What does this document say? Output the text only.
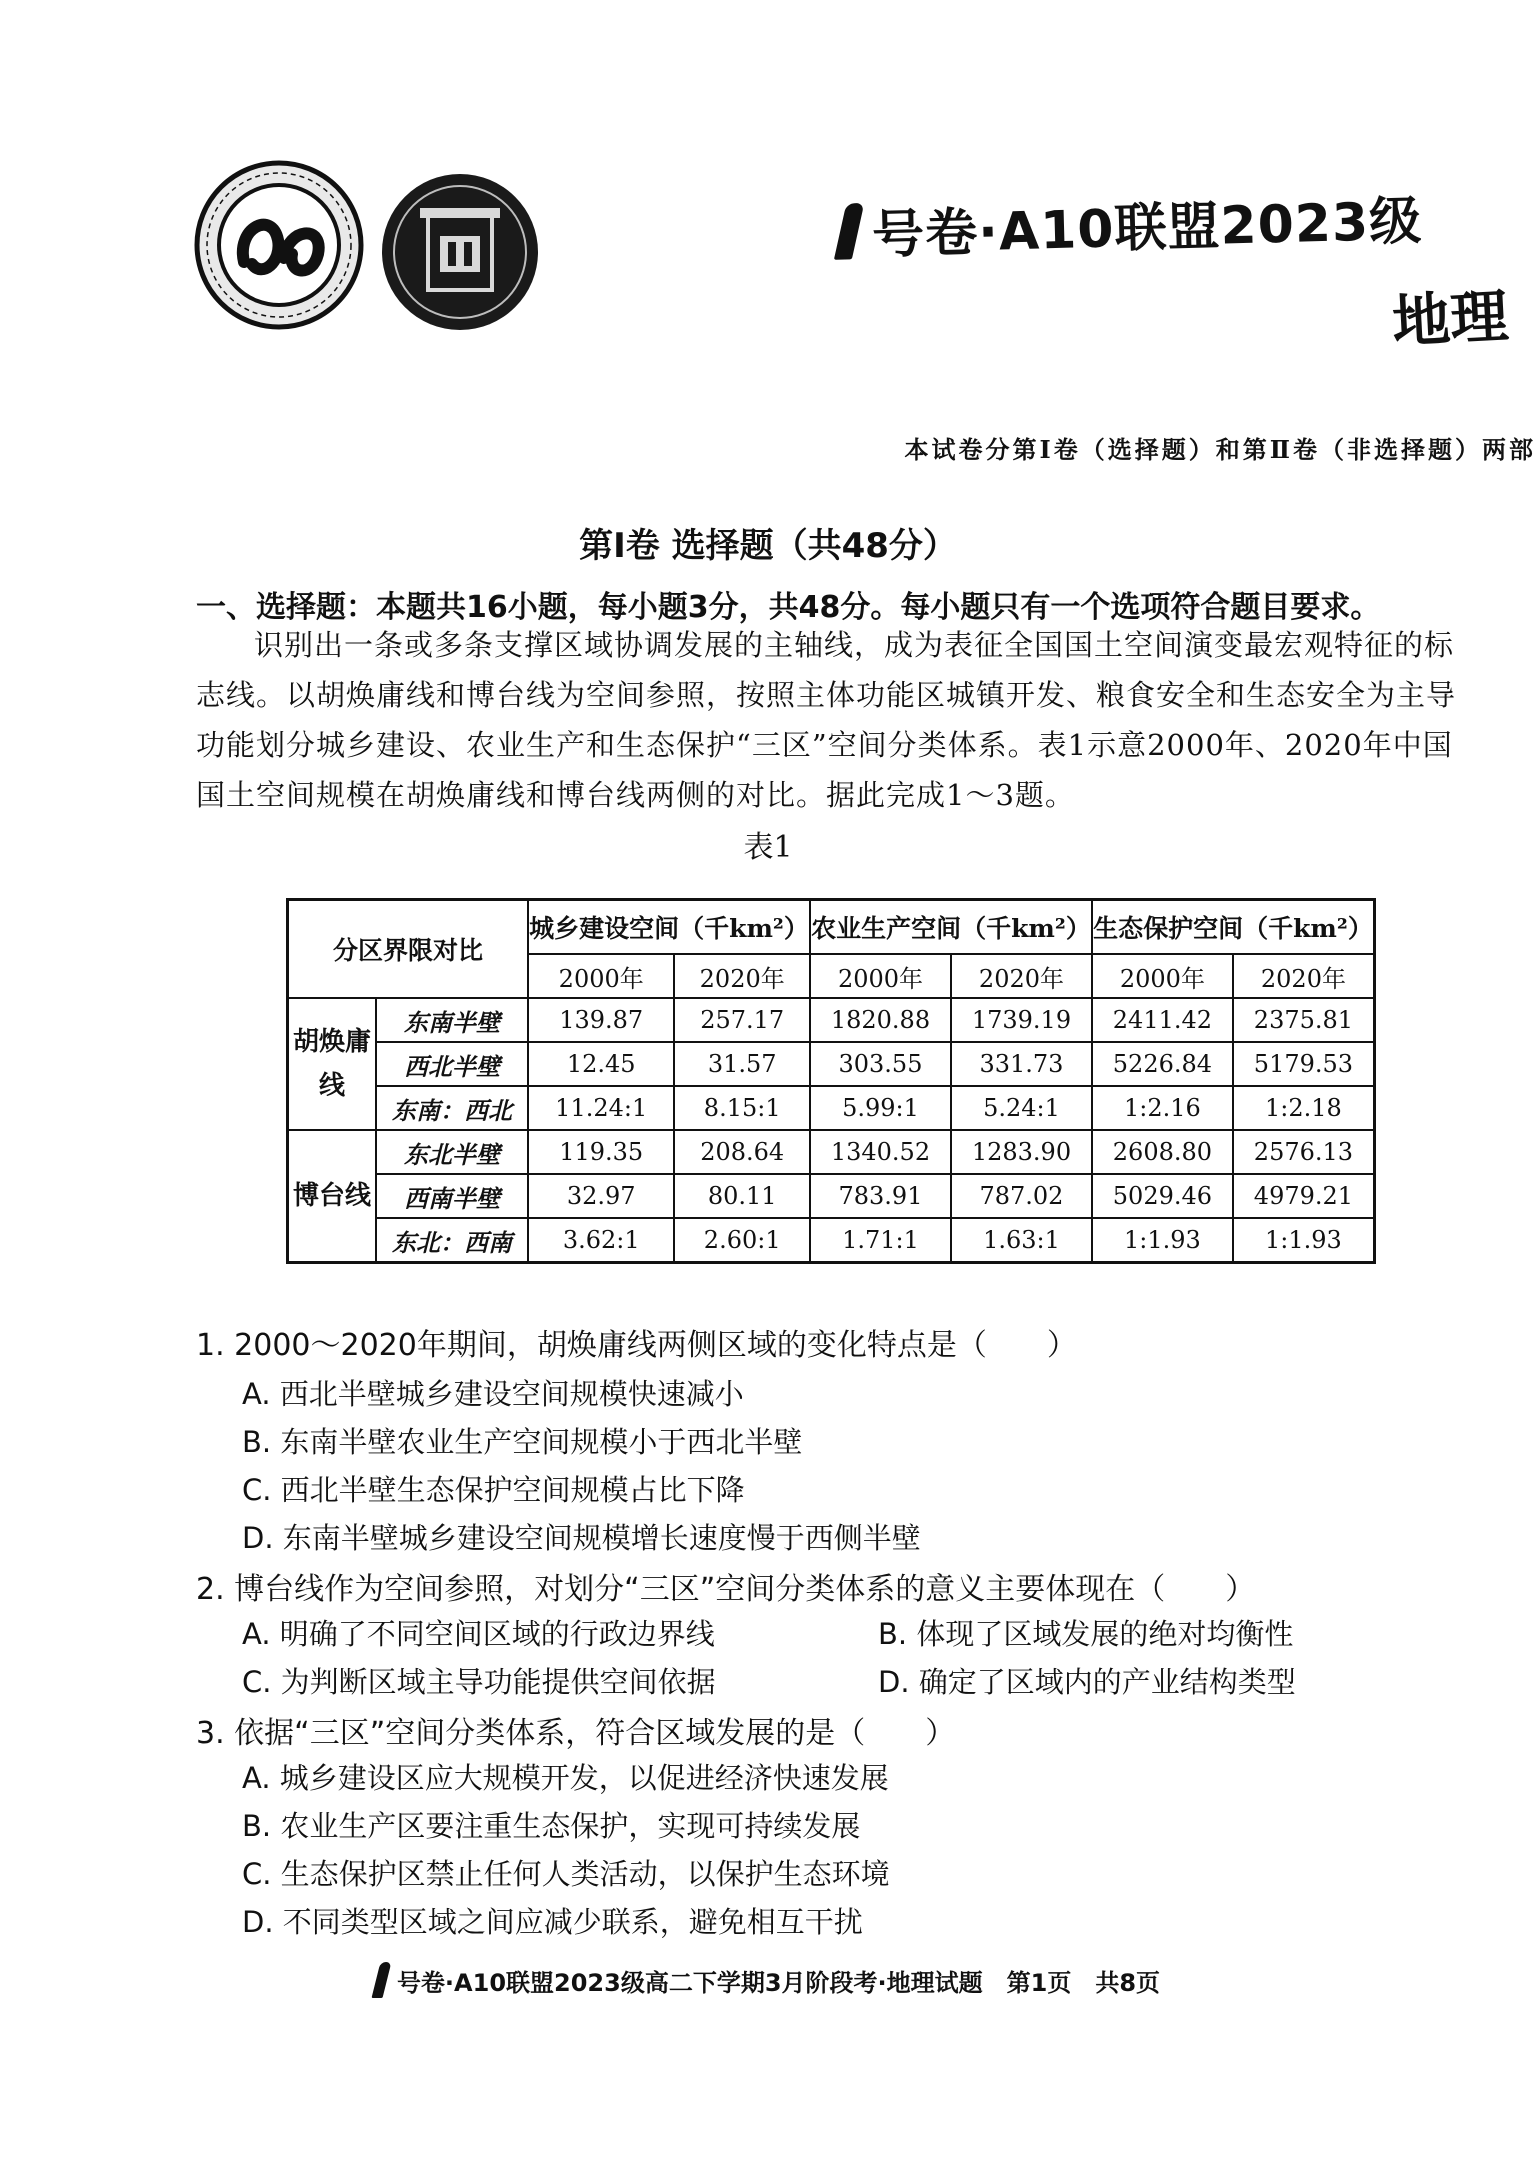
号卷·A10联盟2023级
地理
本试卷分第Ⅰ卷（选择题）和第Ⅱ卷（非选择题）两部
第Ⅰ卷 选择题（共48分）
一、选择题：本题共16小题，每小题3分，共48分。每小题只有一个选项符合题目要求。
识别出一条或多条支撑区域协调发展的主轴线，成为表征全国国土空间演变最宏观特征的标志线。以胡焕庸线和博台线为空间参照，按照主体功能区城镇开发、粮食安全和生态安全为主导功能划分城乡建设、农业生产和生态保护“三区”空间分类体系。表1示意2000年、2020年中国国土空间规模在胡焕庸线和博台线两侧的对比。据此完成1～3题。
表1
分区界限对比		城乡建设空间（千km²）		农业生产空间（千km²）		生态保护空间（千km²）	
		2000年	2020年	2000年	2020年	2000年	2020年
胡焕庸线	东南半壁	139.87	257.17	1820.88	1739.19	2411.42	2375.81
	西北半壁	12.45	31.57	303.55	331.73	5226.84	5179.53
	东南：西北	11.24:1	8.15:1	5.99:1	5.24:1	1:2.16	1:2.18
博台线	东北半壁	119.35	208.64	1340.52	1283.90	2608.80	2576.13
	西南半壁	32.97	80.11	783.91	787.02	5029.46	4979.21
	东北：西南	3.62:1	2.60:1	1.71:1	1.63:1	1:1.93	1:1.93
1. 2000～2020年期间，胡焕庸线两侧区域的变化特点是（　　）
A. 西北半壁城乡建设空间规模快速减小
B. 东南半壁农业生产空间规模小于西北半壁
C. 西北半壁生态保护空间规模占比下降
D. 东南半壁城乡建设空间规模增长速度慢于西侧半壁
2. 博台线作为空间参照，对划分“三区”空间分类体系的意义主要体现在（　　）
A. 明确了不同空间区域的行政边界线	B. 体现了区域发展的绝对均衡性
C. 为判断区域主导功能提供空间依据	D. 确定了区域内的产业结构类型
3. 依据“三区”空间分类体系，符合区域发展的是（　　）
A. 城乡建设区应大规模开发，以促进经济快速发展
B. 农业生产区要注重生态保护，实现可持续发展
C. 生态保护区禁止任何人类活动，以保护生态环境
D. 不同类型区域之间应减少联系，避免相互干扰
号卷·A10联盟2023级高二下学期3月阶段考·地理试题　第1页　共8页
